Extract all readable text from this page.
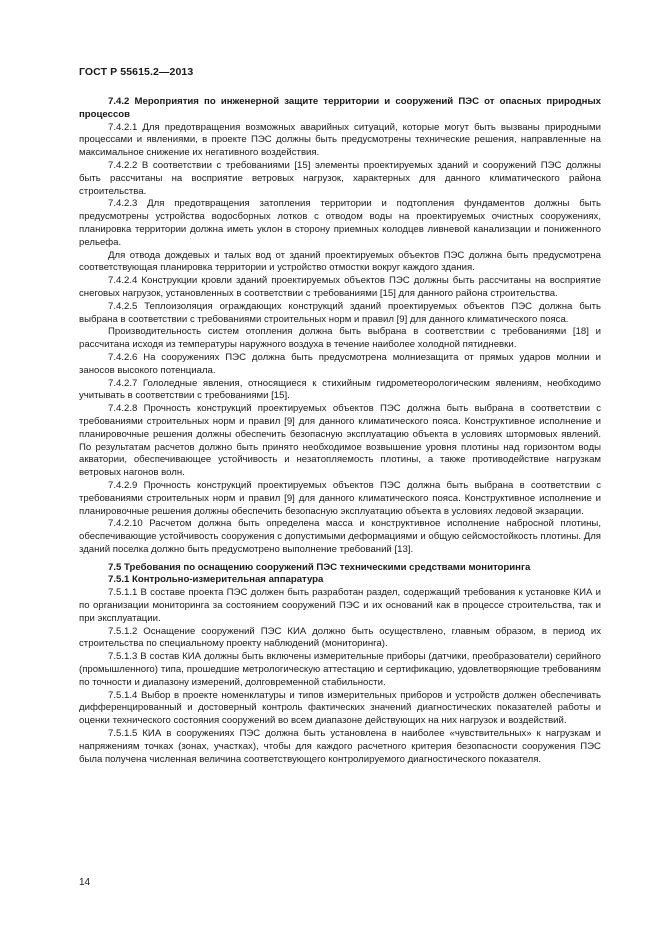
ГОСТ Р 55615.2—2013

7.4.2 Мероприятия по инженерной защите территории и сооружений ПЭС от опасных природных процессов

7.4.2.1 Для предотвращения возможных аварийных ситуаций, которые могут быть вызваны природными процессами и явлениями, в проекте ПЭС должны быть предусмотрены технические решения, направленные на максимальное снижение их негативного воздействия.

7.4.2.2 В соответствии с требованиями [15] элементы проектируемых зданий и сооружений ПЭС должны быть рассчитаны на восприятие ветровых нагрузок, характерных для данного климатического района строительства.

7.4.2.3 Для предотвращения затопления территории и подтопления фундаментов должны быть предусмотрены устройства водосборных лотков с отводом воды на проектируемых очистных сооружениях, планировка территории должна иметь уклон в сторону приемных колодцев ливневой канализации и пониженного рельефа.

Для отвода дождевых и талых вод от зданий проектируемых объектов ПЭС должна быть предусмотрена соответствующая планировка территории и устройство отмостки вокруг каждого здания.

7.4.2.4 Конструкции кровли зданий проектируемых объектов ПЭС должны быть рассчитаны на восприятие снеговых нагрузок, установленных в соответствии с требованиями [15] для данного района строительства.

7.4.2.5 Теплоизоляция ограждающих конструкций зданий проектируемых объектов ПЭС должна быть выбрана в соответствии с требованиями строительных норм и правил [9] для данного климатического пояса.

Производительность систем отопления должна быть выбрана в соответствии с требованиями [18] и рассчитана исходя из температуры наружного воздуха в течение наиболее холодной пятидневки.

7.4.2.6 На сооружениях ПЭС должна быть предусмотрена молниезащита от прямых ударов молнии и заносов высокого потенциала.

7.4.2.7 Гололедные явления, относящиеся к стихийным гидрометеорологическим явлениям, необходимо учитывать в соответствии с требованиями [15].

7.4.2.8 Прочность конструкций проектируемых объектов ПЭС должна быть выбрана в соответствии с требованиями строительных норм и правил [9] для данного климатического пояса. Конструктивное исполнение и планировочные решения должны обеспечить безопасную эксплуатацию объекта в условиях штормовых явлений. По результатам расчетов должно быть принято необходимое возвышение уровня плотины над горизонтом воды акватории, обеспечивающее устойчивость и незатопляемость плотины, а также противодействие нагрузкам ветровых нагонов волн.

7.4.2.9 Прочность конструкций проектируемых объектов ПЭС должна быть выбрана в соответствии с требованиями строительных норм и правил [9] для данного климатического пояса. Конструктивное исполнение и планировочные решения должны обеспечить безопасную эксплуатацию объекта в условиях ледовой экзарации.

7.4.2.10 Расчетом должна быть определена масса и конструктивное исполнение набросной плотины, обеспечивающие устойчивость сооружения с допустимыми деформациями и общую сейсмостойкость плотины. Для зданий поселка должно быть предусмотрено выполнение требований [13].

7.5 Требования по оснащению сооружений ПЭС техническими средствами мониторинга

7.5.1 Контрольно-измерительная аппаратура

7.5.1.1 В составе проекта ПЭС должен быть разработан раздел, содержащий требования к установке КИА и по организации мониторинга за состоянием сооружений ПЭС и их оснований как в процессе строительства, так и при эксплуатации.

7.5.1.2 Оснащение сооружений ПЭС КИА должно быть осуществлено, главным образом, в период их строительства по специальному проекту наблюдений (мониторинга).

7.5.1.3 В состав КИА должны быть включены измерительные приборы (датчики, преобразователи) серийного (промышленного) типа, прошедшие метрологическую аттестацию и сертификацию, удовлетворяющие требованиям по точности и диапазону измерений, долговременной стабильности.

7.5.1.4 Выбор в проекте номенклатуры и типов измерительных приборов и устройств должен обеспечивать дифференцированный и достоверный контроль фактических значений диагностических показателей работы и оценки технического состояния сооружений во всем диапазоне действующих на них нагрузок и воздействий.

7.5.1.5 КИА в сооружениях ПЭС должна быть установлена в наиболее «чувствительных» к нагрузкам и напряжениям точках (зонах, участках), чтобы для каждого расчетного критерия безопасности сооружения ПЭС была получена численная величина соответствующего контролируемого диагностического показателя.

14
